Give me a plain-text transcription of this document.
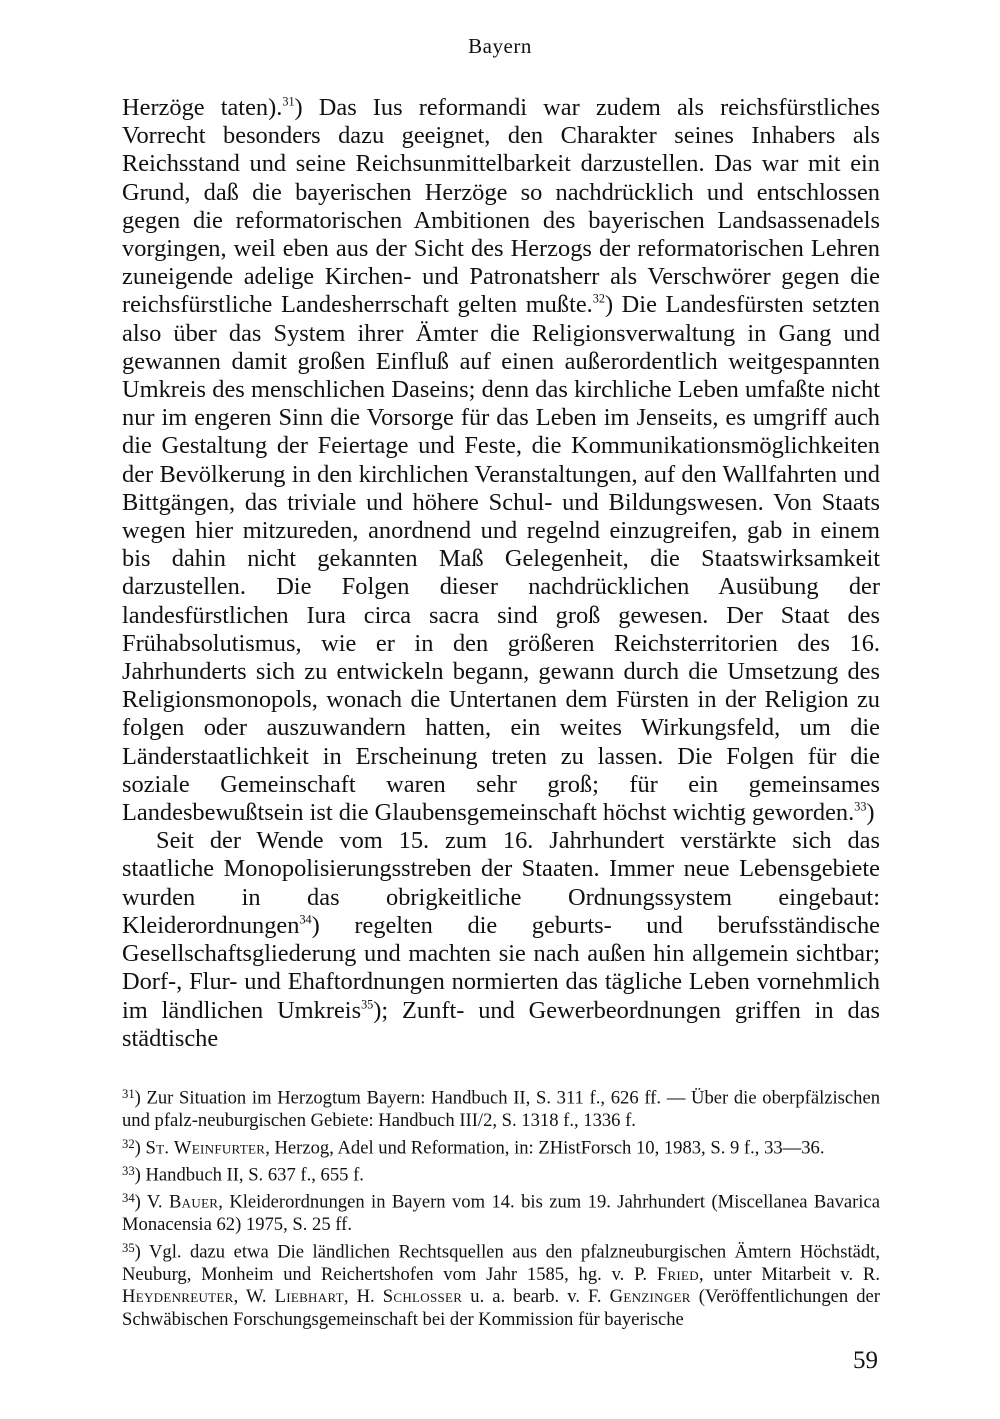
Bayern

Herzöge taten).$^{31}$) Das Ius reformandi war zudem als reichsfürstliches Vorrecht besonders dazu geeignet, den Charakter seines Inhabers als Reichsstand und seine Reichsunmittelbarkeit darzustellen. Das war mit ein Grund, daß die bayerischen Herzöge so nachdrücklich und entschlossen gegen die reformatorischen Ambitionen des bayerischen Landsassenadels vorgingen, weil eben aus der Sicht des Herzogs der reformatorischen Lehren zuneigende adelige Kirchen- und Patronatsherr als Verschwörer gegen die reichsfürstliche Landesherrschaft gelten mußte.$^{32}$) Die Landesfürsten setzten also über das System ihrer Ämter die Religionsverwaltung in Gang und gewannen damit großen Einfluß auf einen außerordentlich weitgespannten Umkreis des menschlichen Daseins; denn das kirchliche Leben umfaßte nicht nur im engeren Sinn die Vorsorge für das Leben im Jenseits, es umgriff auch die Gestaltung der Feiertage und Feste, die Kommunikationsmöglichkeiten der Bevölkerung in den kirchlichen Veranstaltungen, auf den Wallfahrten und Bittgängen, das triviale und höhere Schul- und Bildungswesen. Von Staats wegen hier mitzureden, anordnend und regelnd einzugreifen, gab in einem bis dahin nicht gekannten Maß Gelegenheit, die Staatswirksamkeit darzustellen. Die Folgen dieser nachdrücklichen Ausübung der landesfürstlichen Iura circa sacra sind groß gewesen. Der Staat des Frühabsolutismus, wie er in den größeren Reichsterritorien des 16. Jahrhunderts sich zu entwickeln begann, gewann durch die Umsetzung des Religionsmonopols, wonach die Untertanen dem Fürsten in der Religion zu folgen oder auszuwandern hatten, ein weites Wirkungsfeld, um die Länderstaatlichkeit in Erscheinung treten zu lassen. Die Folgen für die soziale Gemeinschaft waren sehr groß; für ein gemeinsames Landesbewußtsein ist die Glaubensgemeinschaft höchst wichtig geworden.$^{33}$)

Seit der Wende vom 15. zum 16. Jahrhundert verstärkte sich das staatliche Monopolisierungsstreben der Staaten. Immer neue Lebensgebiete wurden in das obrigkeitliche Ordnungssystem eingebaut: Kleiderordnungen$^{34}$) regelten die geburts- und berufsständische Gesellschaftsgliederung und machten sie nach außen hin allgemein sichtbar; Dorf-, Flur- und Ehaftordnungen normierten das tägliche Leben vornehmlich im ländlichen Umkreis$^{35}$); Zunft- und Gewerbeordnungen griffen in das städtische

$^{31}$) Zur Situation im Herzogtum Bayern: Handbuch II, S. 311 f., 626 ff. — Über die oberpfälzischen und pfalz-neuburgischen Gebiete: Handbuch III/2, S. 1318 f., 1336 f.

$^{32}$) St. Weinfurter, Herzog, Adel und Reformation, in: ZHistForsch 10, 1983, S. 9 f., 33—36.

$^{33}$) Handbuch II, S. 637 f., 655 f.

$^{34}$) V. Bauer, Kleiderordnungen in Bayern vom 14. bis zum 19. Jahrhundert (Miscellanea Bavarica Monacensia 62) 1975, S. 25 ff.

$^{35}$) Vgl. dazu etwa Die ländlichen Rechtsquellen aus den pfalzneuburgischen Ämtern Höchstädt, Neuburg, Monheim und Reichertshofen vom Jahr 1585, hg. v. P. Fried, unter Mitarbeit v. R. Heydenreuter, W. Liebhart, H. Schlosser u. a. bearb. v. F. Genzinger (Veröffentlichungen der Schwäbischen Forschungsgemeinschaft bei der Kommission für bayerische

59
